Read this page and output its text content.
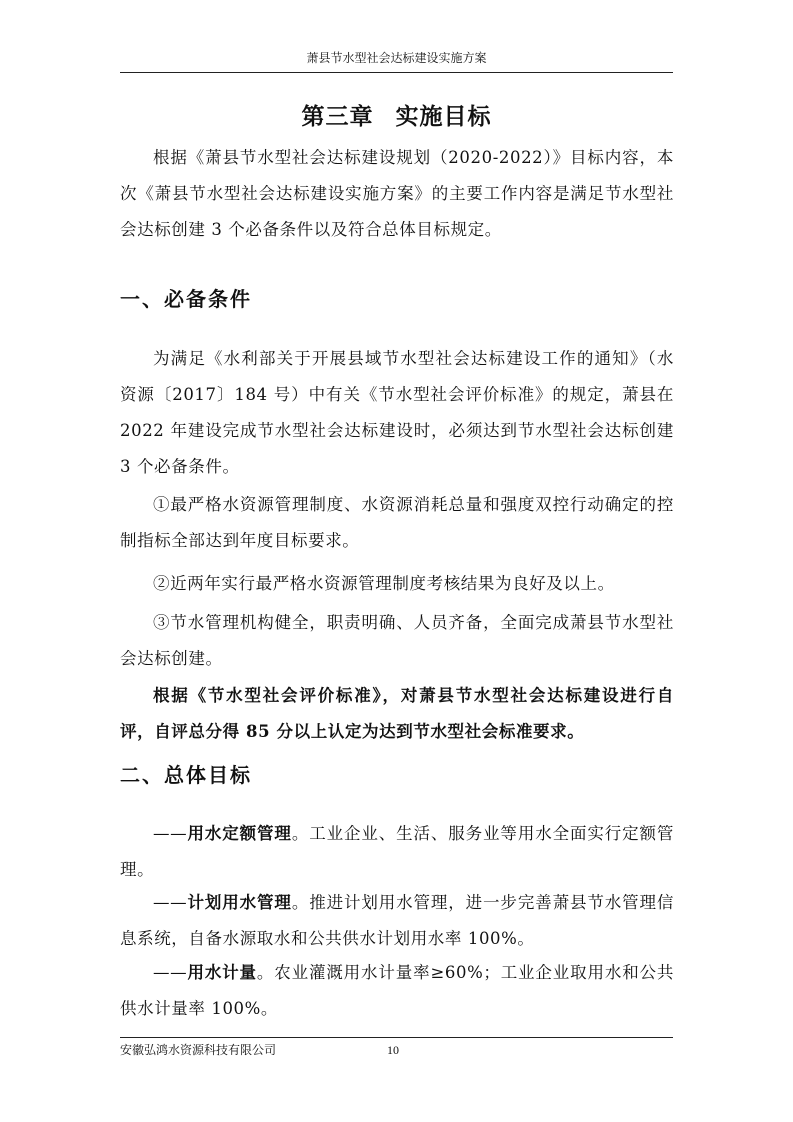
萧县节水型社会达标建设实施方案
第三章 实施目标

根据《萧县节水型社会达标建设规划（2020-2022）》目标内容，本次《萧县节水型社会达标建设实施方案》的主要工作内容是满足节水型社会达标创建 3 个必备条件以及符合总体目标规定。

一、必备条件

为满足《水利部关于开展县域节水型社会达标建设工作的通知》（水资源〔2017〕184 号）中有关《节水型社会评价标准》的规定，萧县在 2022 年建设完成节水型社会达标建设时，必须达到节水型社会达标创建 3 个必备条件。

①最严格水资源管理制度、水资源消耗总量和强度双控行动确定的控制指标全部达到年度目标要求。

②近两年实行最严格水资源管理制度考核结果为良好及以上。

③节水管理机构健全，职责明确、人员齐备，全面完成萧县节水型社会达标创建。

根据《节水型社会评价标准》，对萧县节水型社会达标建设进行自评，自评总分得 85 分以上认定为达到节水型社会标准要求。

二、总体目标

——用水定额管理。工业企业、生活、服务业等用水全面实行定额管理。

——计划用水管理。推进计划用水管理，进一步完善萧县节水管理信息系统，自备水源取水和公共供水计划用水率 100%。

——用水计量。农业灌溉用水计量率≥60%；工业企业取用水和公共供水计量率 100%。

安徽弘鸿水资源科技有限公司	10
